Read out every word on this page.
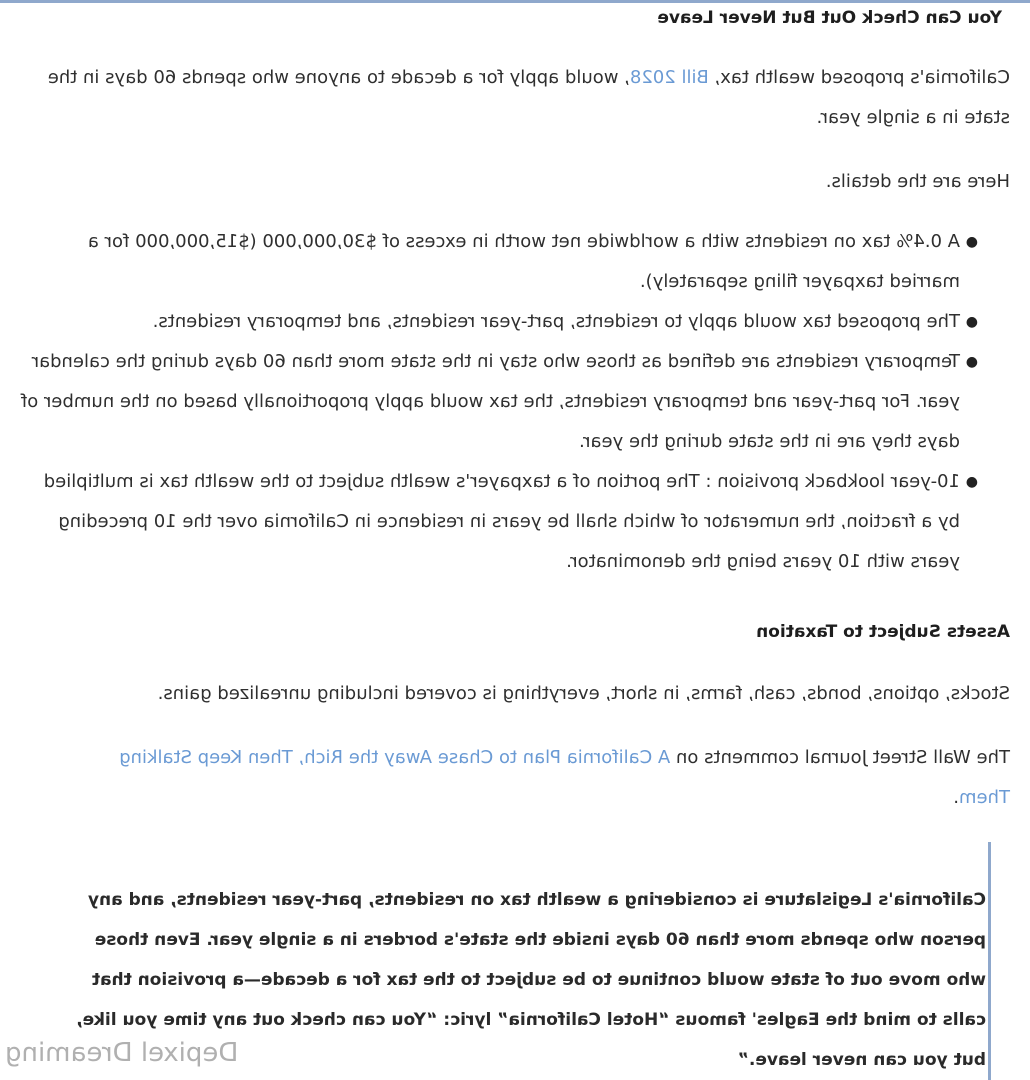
You Can Check Out But Never Leave

California's proposed wealth tax, Bill 2028, would apply for a decade to anyone who spends 60 days in the state in a single year.

Here are the details.

●
A 0.4% tax on residents with a worldwide net worth in excess of $30,000,000 ($15,000,000 for a married taxpayer filing separately).
●
The proposed tax would apply to residents, part-year residents, and temporary residents.
●
Temporary residents are defined as those who stay in the state more than 60 days during the calendar year. For part-year and temporary residents, the tax would apply proportionally based on the number of days they are in the state during the year.
●
10-year lookback provision : The portion of a taxpayer's wealth subject to the wealth tax is multiplied by a fraction, the numerator of which shall be years in residence in California over the 10 preceding years with 10 years being the denominator.
Assets Subject to Taxation

Stocks, options, bonds, cash, farms, in short, everything is covered including unrealized gains.

The Wall Street Journal comments on A California Plan to Chase Away the Rich, Then Keep Stalking Them.

California's Legislature is considering a wealth tax on residents, part-year residents, and any person who spends more than 60 days inside the state's borders in a single year. Even those who move out of state would continue to be subject to the tax for a decade—a provision that calls to mind the Eagles' famous “Hotel California” lyric: “You can check out any time you like, but you can never leave.”
Depixel Dreaming
